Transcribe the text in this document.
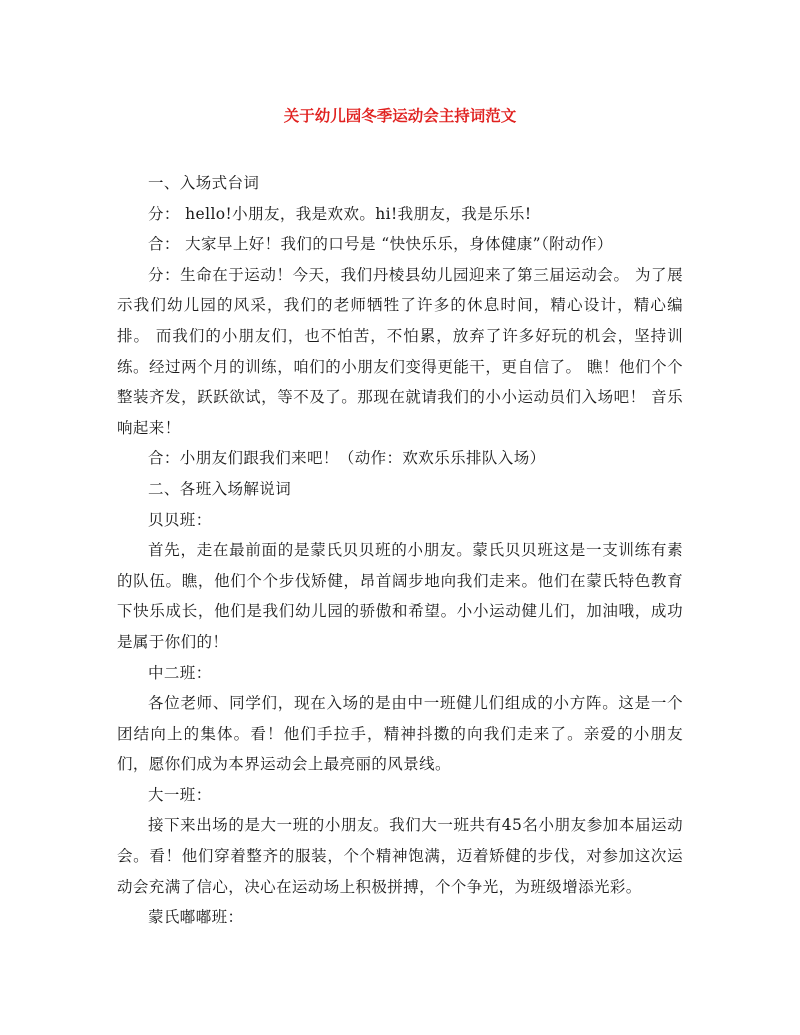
关于幼儿园冬季运动会主持词范文

一、入场式台词

分： hello!小朋友，我是欢欢。hi!我朋友，我是乐乐!

合： 大家早上好！我们的口号是 “快快乐乐，身体健康”（附动作）

分：生命在于运动！今天，我们丹棱县幼儿园迎来了第三届运动会。 为了展示我们幼儿园的风采，我们的老师牺牲了许多的休息时间，精心设计，精心编排。 而我们的小朋友们，也不怕苦，不怕累，放弃了许多好玩的机会，坚持训练。经过两个月的训练，咱们的小朋友们变得更能干，更自信了。 瞧！他们个个整装齐发，跃跃欲试，等不及了。那现在就请我们的小小运动员们入场吧！ 音乐响起来！

合：小朋友们跟我们来吧！（动作：欢欢乐乐排队入场）

二、各班入场解说词

贝贝班：

首先，走在最前面的是蒙氏贝贝班的小朋友。蒙氏贝贝班这是一支训练有素的队伍。瞧，他们个个步伐矫健，昂首阔步地向我们走来。他们在蒙氏特色教育下快乐成长，他们是我们幼儿园的骄傲和希望。小小运动健儿们，加油哦，成功是属于你们的！

中二班：

各位老师、同学们，现在入场的是由中一班健儿们组成的小方阵。这是一个团结向上的集体。看！他们手拉手，精神抖擞的向我们走来了。亲爱的小朋友们，愿你们成为本界运动会上最亮丽的风景线。

大一班：

接下来出场的是大一班的小朋友。我们大一班共有45名小朋友参加本届运动会。看！他们穿着整齐的服装，个个精神饱满，迈着矫健的步伐，对参加这次运动会充满了信心，决心在运动场上积极拼搏，个个争光，为班级增添光彩。

蒙氏嘟嘟班：
